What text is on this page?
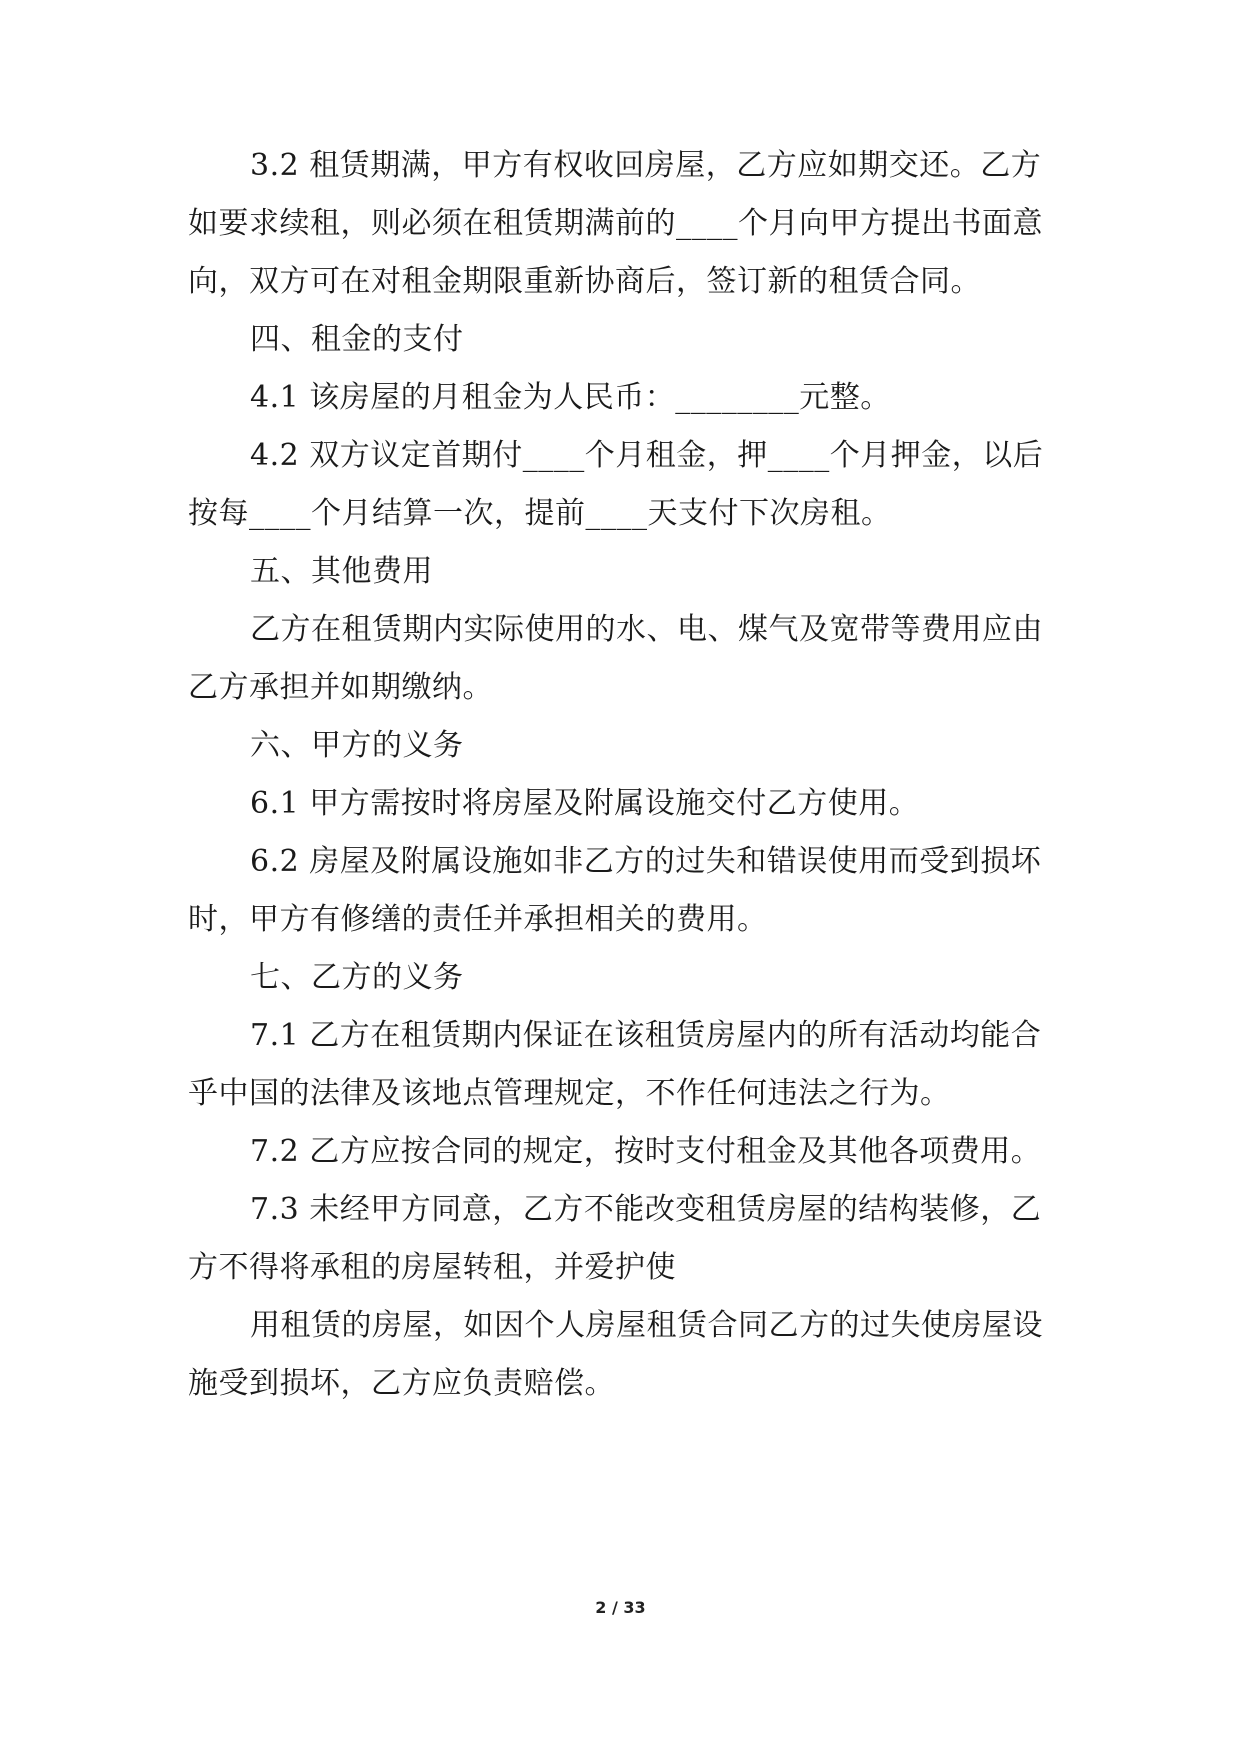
3.2 租赁期满，甲方有权收回房屋，乙方应如期交还。乙方
如要求续租，则必须在租赁期满前的____个月向甲方提出书面意
向，双方可在对租金期限重新协商后，签订新的租赁合同。
四、租金的支付
4.1 该房屋的月租金为人民币：________元整。
4.2 双方议定首期付____个月租金，押____个月押金，以后
按每____个月结算一次，提前____天支付下次房租。
五、其他费用
乙方在租赁期内实际使用的水、电、煤气及宽带等费用应由
乙方承担并如期缴纳。
六、甲方的义务
6.1 甲方需按时将房屋及附属设施交付乙方使用。
6.2 房屋及附属设施如非乙方的过失和错误使用而受到损坏
时，甲方有修缮的责任并承担相关的费用。
七、乙方的义务
7.1 乙方在租赁期内保证在该租赁房屋内的所有活动均能合
乎中国的法律及该地点管理规定，不作任何违法之行为。
7.2 乙方应按合同的规定，按时支付租金及其他各项费用。
7.3 未经甲方同意，乙方不能改变租赁房屋的结构装修，乙
方不得将承租的房屋转租，并爱护使
用租赁的房屋，如因个人房屋租赁合同乙方的过失使房屋设
施受到损坏，乙方应负责赔偿。
2 / 33
